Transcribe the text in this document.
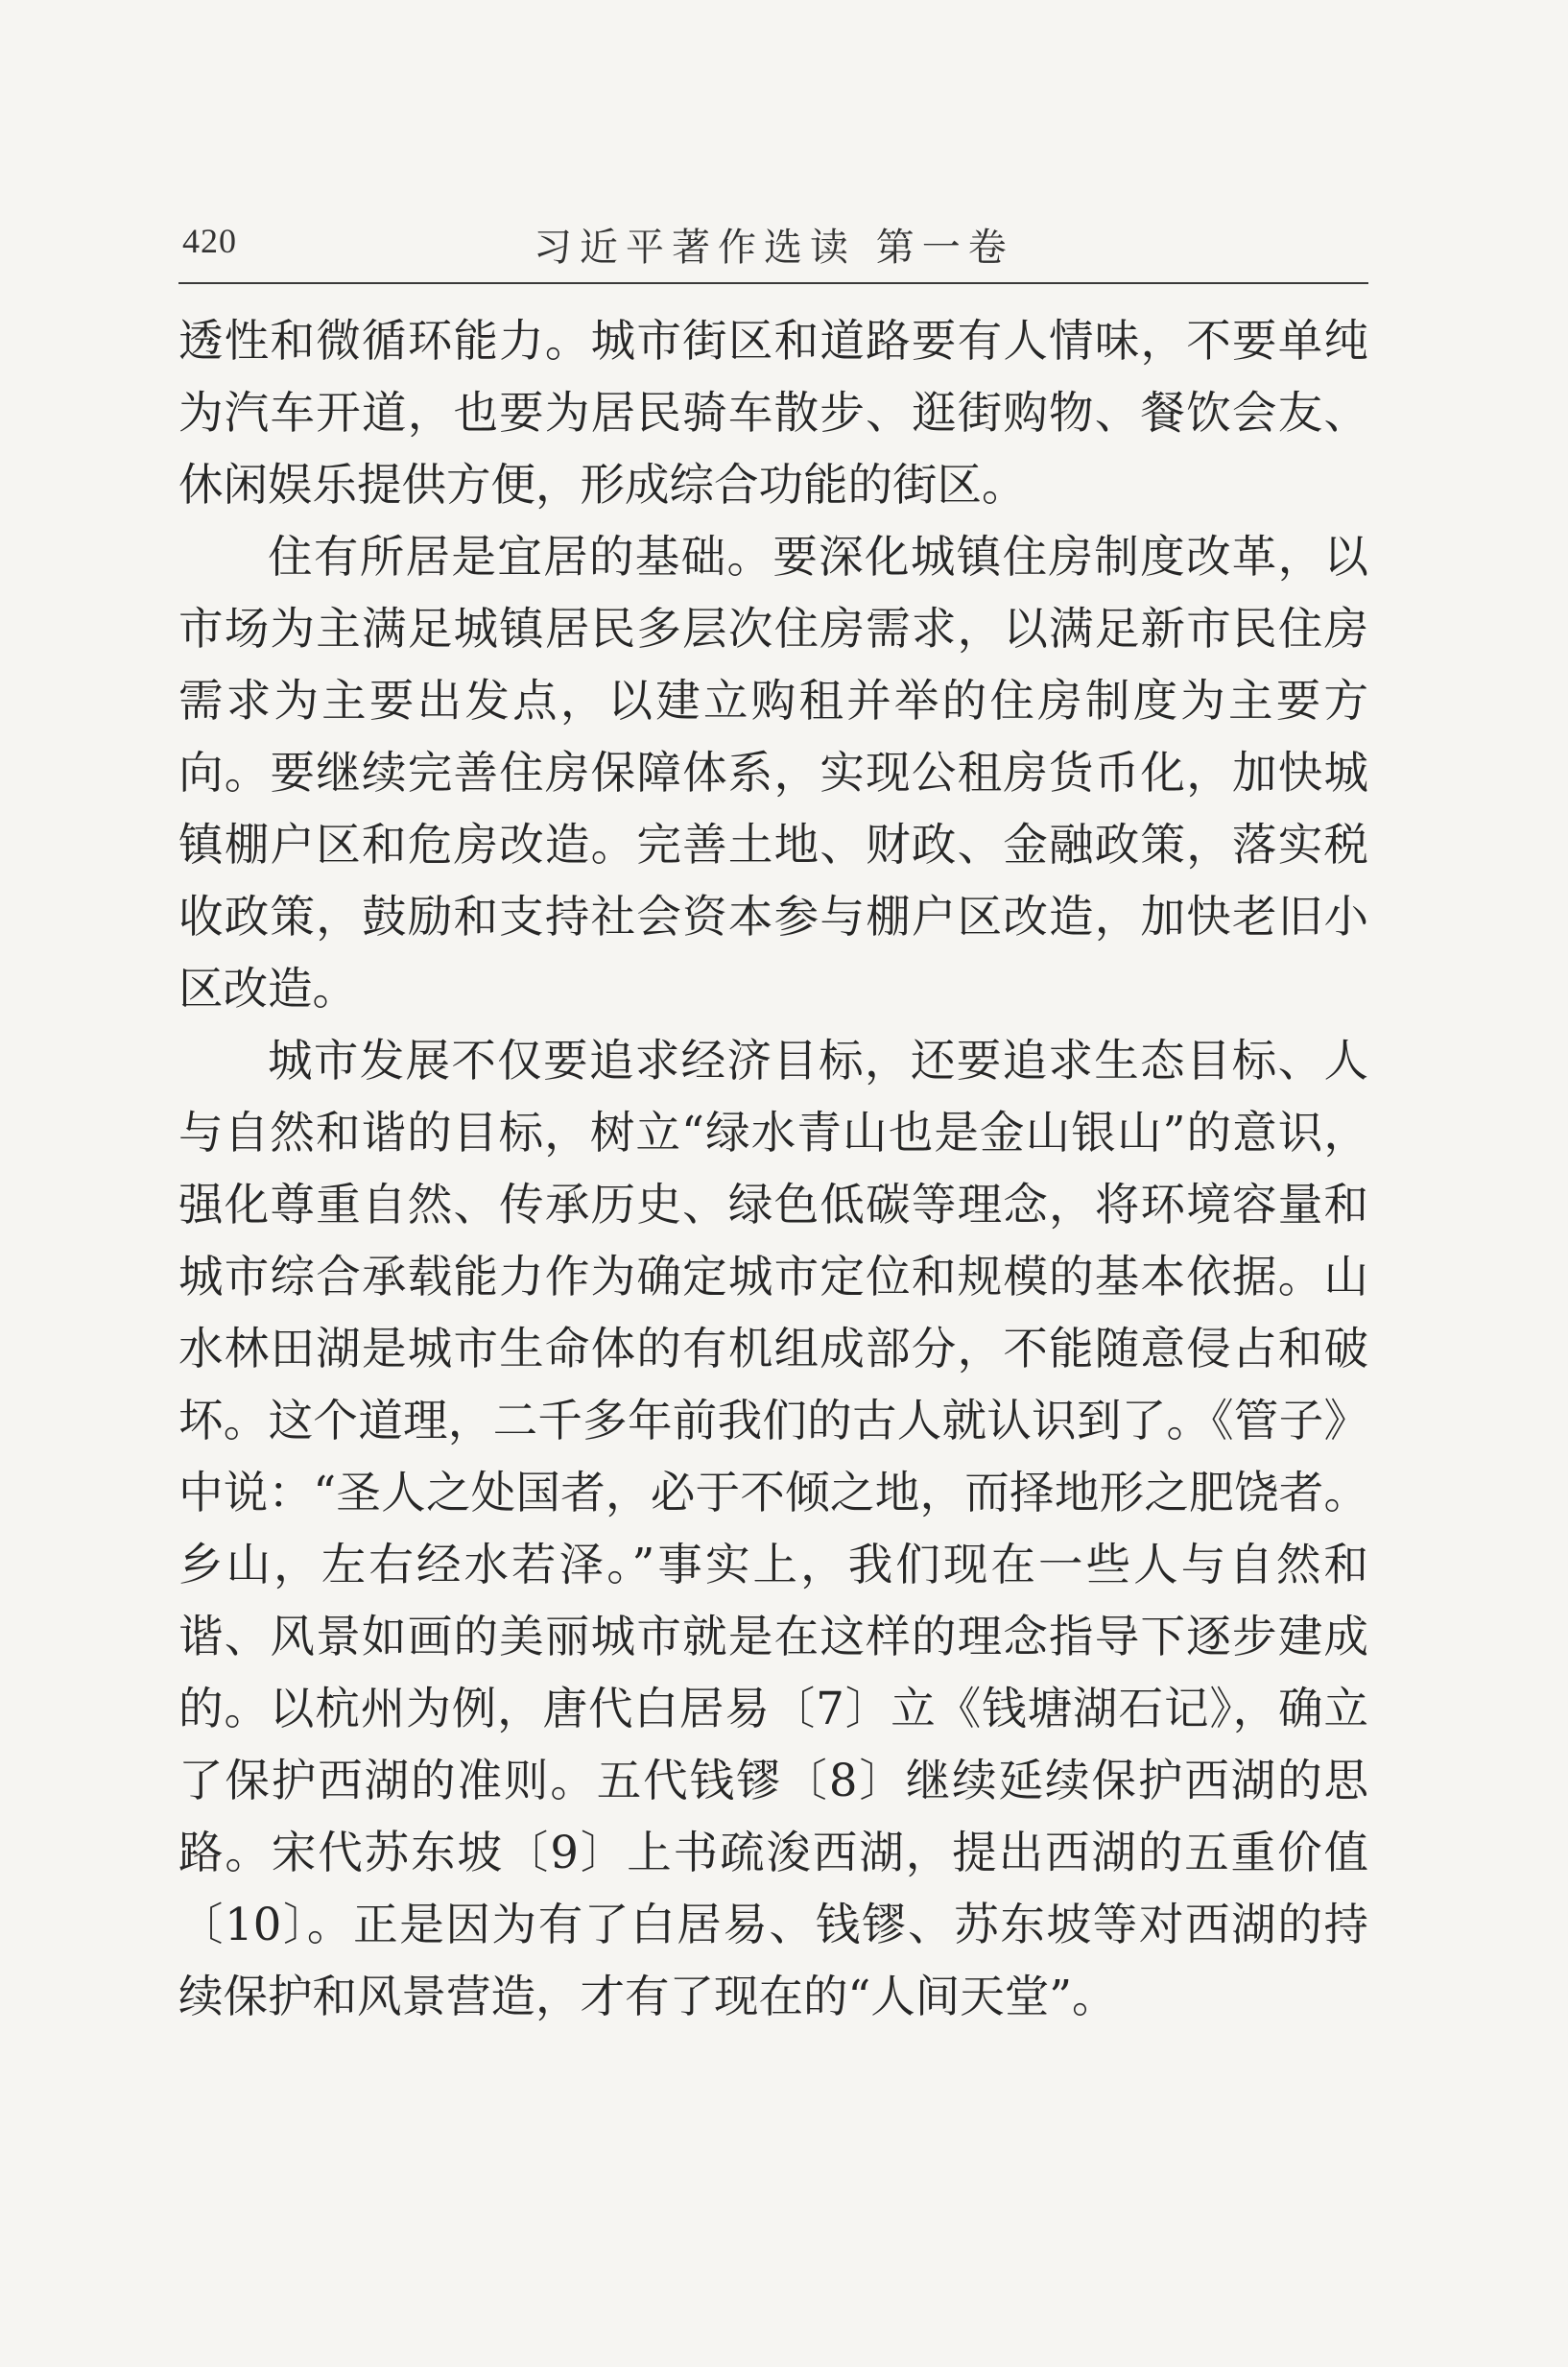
420	习近平著作选读 第一卷

透性和微循环能力。城市街区和道路要有人情味，不要单纯为汽车开道，也要为居民骑车散步、逛街购物、餐饮会友、休闲娱乐提供方便，形成综合功能的街区。

住有所居是宜居的基础。要深化城镇住房制度改革，以市场为主满足城镇居民多层次住房需求，以满足新市民住房需求为主要出发点，以建立购租并举的住房制度为主要方向。要继续完善住房保障体系，实现公租房货币化，加快城镇棚户区和危房改造。完善土地、财政、金融政策，落实税收政策，鼓励和支持社会资本参与棚户区改造，加快老旧小区改造。

城市发展不仅要追求经济目标，还要追求生态目标、人与自然和谐的目标，树立“绿水青山也是金山银山”的意识，强化尊重自然、传承历史、绿色低碳等理念，将环境容量和城市综合承载能力作为确定城市定位和规模的基本依据。山水林田湖是城市生命体的有机组成部分，不能随意侵占和破坏。这个道理，二千多年前我们的古人就认识到了。《管子》中说：“圣人之处国者，必于不倾之地，而择地形之肥饶者。乡山，左右经水若泽。”事实上，我们现在一些人与自然和谐、风景如画的美丽城市就是在这样的理念指导下逐步建成的。以杭州为例，唐代白居易〔7〕立《钱塘湖石记》，确立了保护西湖的准则。五代钱镠〔8〕继续延续保护西湖的思路。宋代苏东坡〔9〕上书疏浚西湖，提出西湖的五重价值〔10〕。正是因为有了白居易、钱镠、苏东坡等对西湖的持续保护和风景营造，才有了现在的“人间天堂”。
